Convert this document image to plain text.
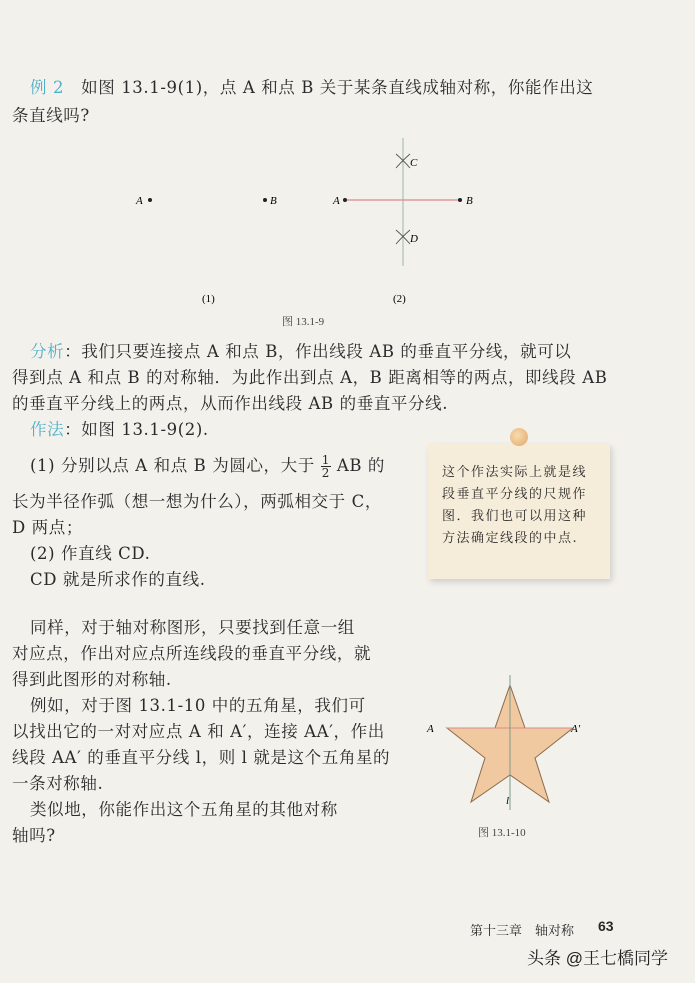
例 2　 如图 13.1-9(1)，点 A 和点 B 关于某条直线成轴对称，你能作出这
条直线吗?
A	B
(1)
A	B
C
D
(2)
图 13.1-9
分析：我们只要连接点 A 和点 B，作出线段 AB 的垂直平分线，就可以
得到点 A 和点 B 的对称轴．为此作出到点 A，B 距离相等的两点，即线段 AB
的垂直平分线上的两点，从而作出线段 AB 的垂直平分线.
作法：如图 13.1-9(2).
(1) 分别以点 A 和点 B 为圆心，大于 $\frac{1}{2}$ AB 的
长为半径作弧（想一想为什么），两弧相交于 C，
D 两点；
(2) 作直线 CD.
CD 就是所求作的直线.
这个作法实际上就是线段垂直平分线的尺规作图．我们也可以用这种方法确定线段的中点.
同样，对于轴对称图形，只要找到任意一组
对应点，作出对应点所连线段的垂直平分线，就
得到此图形的对称轴.
例如，对于图 13.1-10 中的五角星，我们可
以找出它的一对对应点 A 和 A′，连接 AA′，作出
线段 AA′ 的垂直平分线 l，则 l 就是这个五角星的
一条对称轴.
类似地，你能作出这个五角星的其他对称
轴吗?
A	A′
l
图 13.1-10
第十三章　轴对称 63
头条 @王七橋同学
